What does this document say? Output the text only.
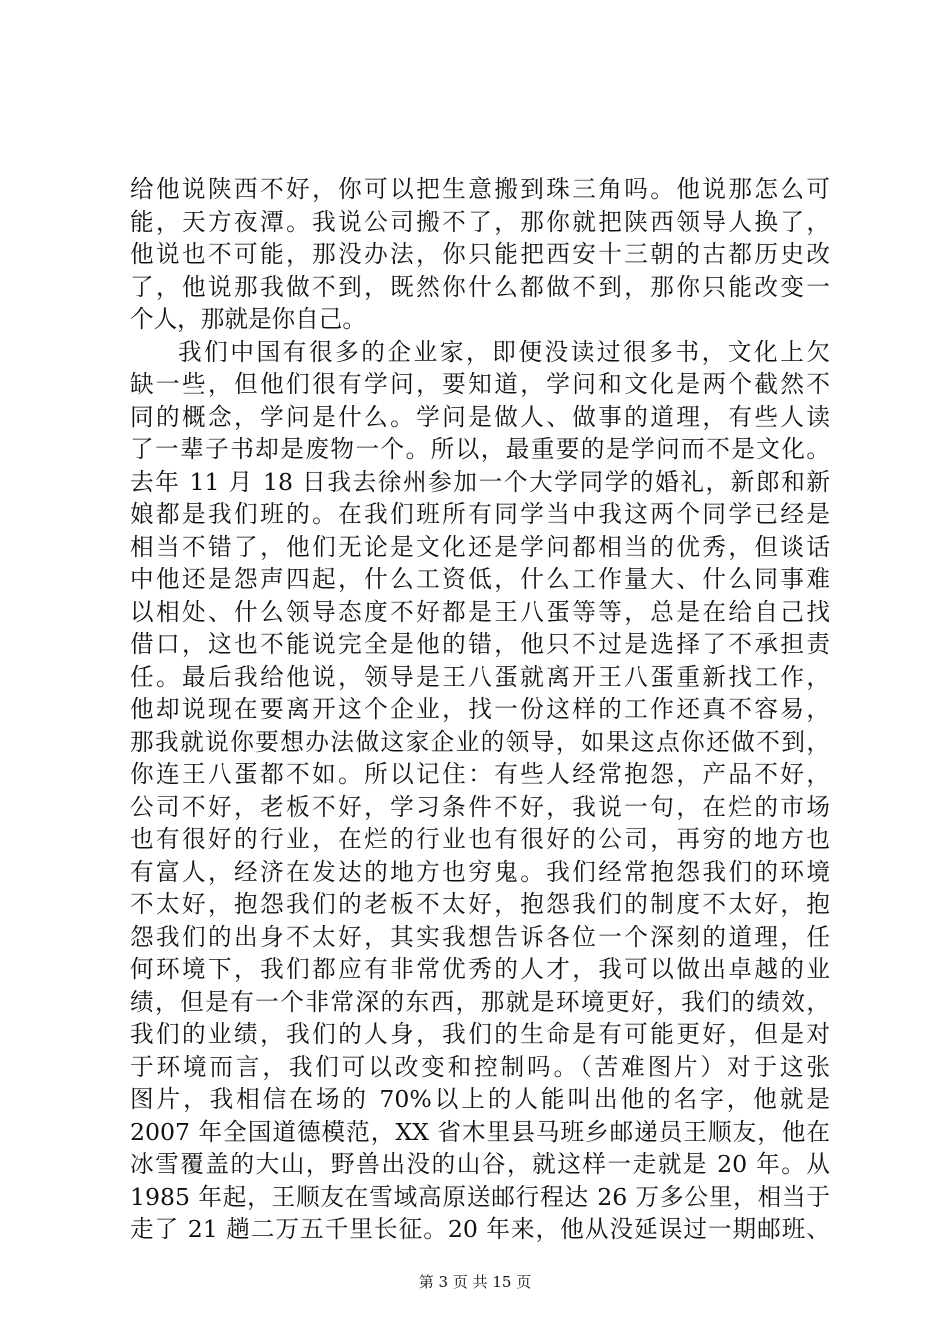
给他说陕西不好，你可以把生意搬到珠三角吗。他说那怎么可
能，天方夜潭。我说公司搬不了，那你就把陕西领导人换了，
他说也不可能，那没办法，你只能把西安十三朝的古都历史改
了，他说那我做不到，既然你什么都做不到，那你只能改变一
个人，那就是你自己。
我们中国有很多的企业家，即便没读过很多书，文化上欠
缺一些，但他们很有学问，要知道，学问和文化是两个截然不
同的概念，学问是什么。学问是做人、做事的道理，有些人读
了一辈子书却是废物一个。所以，最重要的是学问而不是文化。
去年 11 月 18 日我去徐州参加一个大学同学的婚礼，新郎和新
娘都是我们班的。在我们班所有同学当中我这两个同学已经是
相当不错了，他们无论是文化还是学问都相当的优秀，但谈话
中他还是怨声四起，什么工资低，什么工作量大、什么同事难
以相处、什么领导态度不好都是王八蛋等等，总是在给自己找
借口，这也不能说完全是他的错，他只不过是选择了不承担责
任。最后我给他说，领导是王八蛋就离开王八蛋重新找工作，
他却说现在要离开这个企业，找一份这样的工作还真不容易，
那我就说你要想办法做这家企业的领导，如果这点你还做不到，
你连王八蛋都不如。所以记住：有些人经常抱怨，产品不好，
公司不好，老板不好，学习条件不好，我说一句，在烂的市场
也有很好的行业，在烂的行业也有很好的公司，再穷的地方也
有富人，经济在发达的地方也穷鬼。我们经常抱怨我们的环境
不太好，抱怨我们的老板不太好，抱怨我们的制度不太好，抱
怨我们的出身不太好，其实我想告诉各位一个深刻的道理，任
何环境下，我们都应有非常优秀的人才，我可以做出卓越的业
绩，但是有一个非常深的东西，那就是环境更好，我们的绩效，
我们的业绩，我们的人身，我们的生命是有可能更好，但是对
于环境而言，我们可以改变和控制吗。（苦难图片）对于这张
图片，我相信在场的 70%以上的人能叫出他的名字，他就是
2007 年全国道德模范，XX 省木里县马班乡邮递员王顺友，他在
冰雪覆盖的大山，野兽出没的山谷，就这样一走就是 20 年。从
1985 年起，王顺友在雪域高原送邮行程达 26 万多公里，相当于
走了 21 趟二万五千里长征。20 年来，他从没延误过一期邮班、
第 3 页 共 15 页
